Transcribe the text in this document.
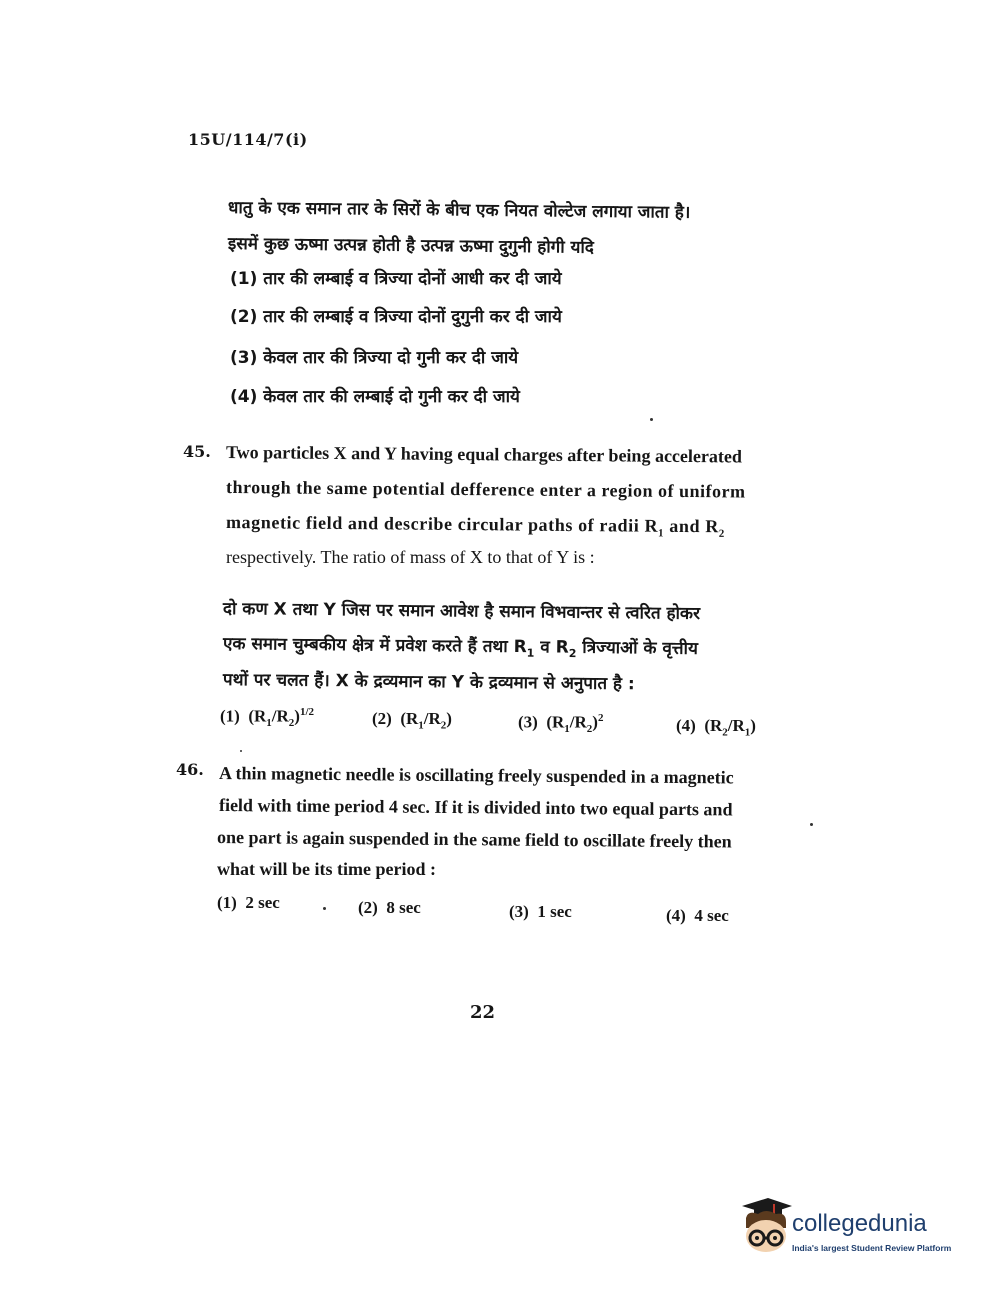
15U/114/7(i)
धातु के एक समान तार के सिरों के बीच एक नियत वोल्टेज लगाया जाता है।
इसमें कुछ ऊष्मा उत्पन्न होती है उत्पन्न ऊष्मा दुगुनी होगी यदि
(1) तार की लम्बाई व त्रिज्या दोनों आधी कर दी जाये
(2) तार की लम्बाई व त्रिज्या दोनों दुगुनी कर दी जाये
(3) केवल तार की त्रिज्या दो गुनी कर दी जाये
(4) केवल तार की लम्बाई दो गुनी कर दी जाये
45. Two particles X and Y having equal charges after being accelerated
through the same potential defference enter a region of uniform
magnetic field and describe circular paths of radii $R_1$ and $R_2$
respectively. The ratio of mass of X to that of Y is :
दो कण X तथा Y जिस पर समान आवेश है समान विभवान्तर से त्वरित होकर
एक समान चुम्बकीय क्षेत्र में प्रवेश करते हैं तथा $R_1$ व $R_2$ त्रिज्याओं के वृत्तीय
पथों पर चलत हैं। X के द्रव्यमान का Y के द्रव्यमान से अनुपात है :
(1) $(R_1/R_2)^{1/2}$	(2) $(R_1/R_2)$	(3) $(R_1/R_2)^2$	(4) $(R_2/R_1)$
46. A thin magnetic needle is oscillating freely suspended in a magnetic
field with time period 4 sec. If it is divided into two equal parts and
one part is again suspended in the same field to oscillate freely then
what will be its time period :
(1) 2 sec	(2) 8 sec	(3) 1 sec	(4) 4 sec
22
collegedunia
India's largest Student Review Platform
